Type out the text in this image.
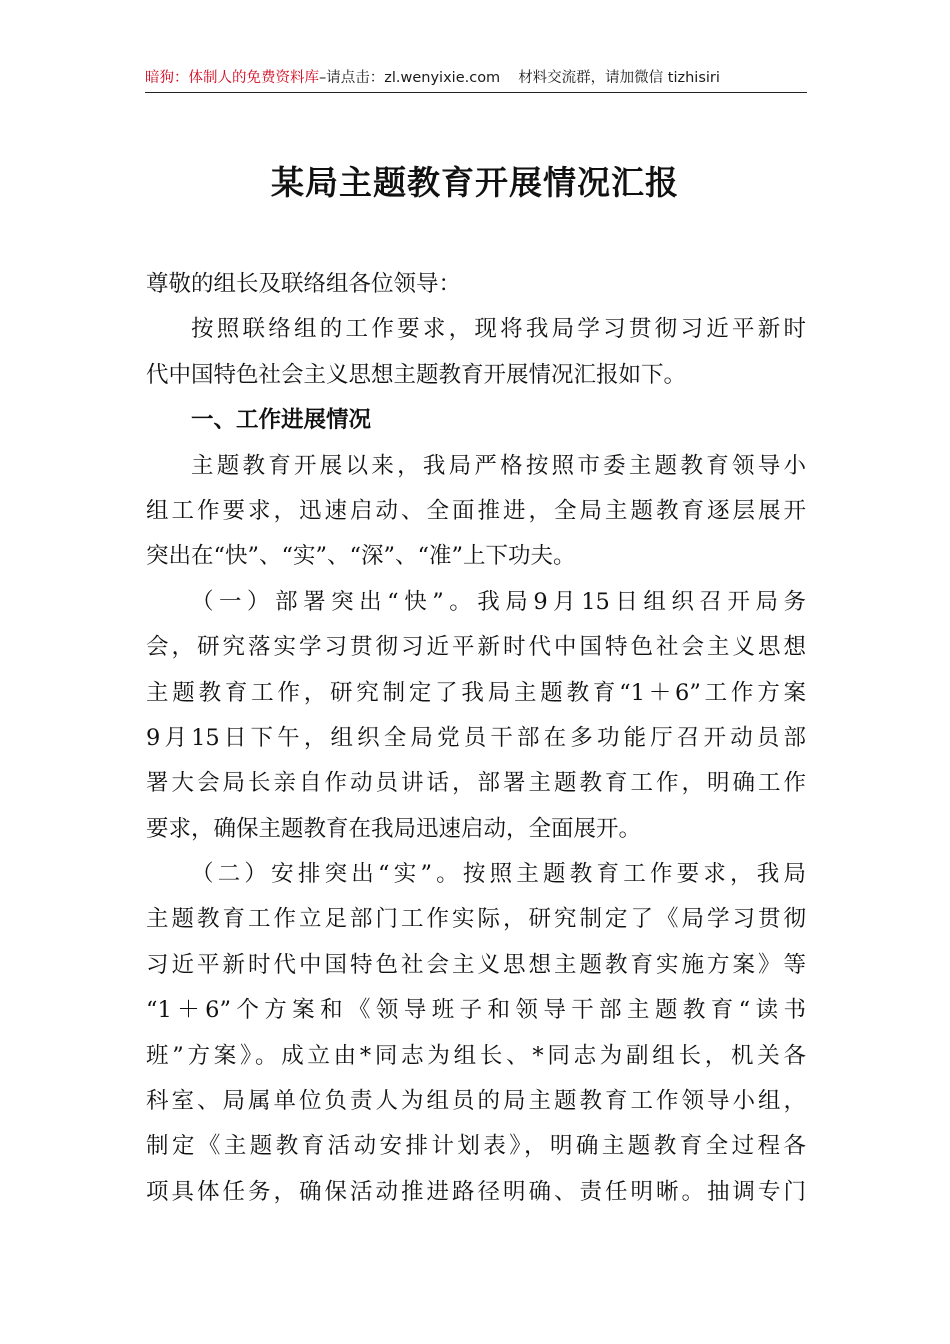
暗狗：体制人的免费资料库 –请点击： zl.wenyixie.com 材料交流群，请加微信 tizhisiri
某局主题教育开展情况汇报
尊敬的组长及联络组各位领导：
按照联络组的工作要求，现将我局学习贯彻习近平新时
代中国特色社会主义思想主题教育开展情况汇报如下。
一、工作进展情况
主题教育开展以来，我局严格按照市委主题教育领导小
组工作要求，迅速启动、全面推进，全局主题教育逐层展开
突出在“快”、“实”、“深”、“准”上下功夫。
（一）部署突出“快”。我局9月15日组织召开局务
会，研究落实学习贯彻习近平新时代中国特色社会主义思想
主题教育工作，研究制定了我局主题教育“1＋6”工作方案
9月15日下午，组织全局党员干部在多功能厅召开动员部
署大会局长亲自作动员讲话，部署主题教育工作，明确工作
要求，确保主题教育在我局迅速启动，全面展开。
（二）安排突出“实”。按照主题教育工作要求，我局
主题教育工作立足部门工作实际，研究制定了《局学习贯彻
习近平新时代中国特色社会主义思想主题教育实施方案》等
“1＋6”个方案和《领导班子和领导干部主题教育“读书
班”方案》。成立由*同志为组长、*同志为副组长，机关各
科室、局属单位负责人为组员的局主题教育工作领导小组，
制定《主题教育活动安排计划表》，明确主题教育全过程各
项具体任务，确保活动推进路径明确、责任明晰。抽调专门
